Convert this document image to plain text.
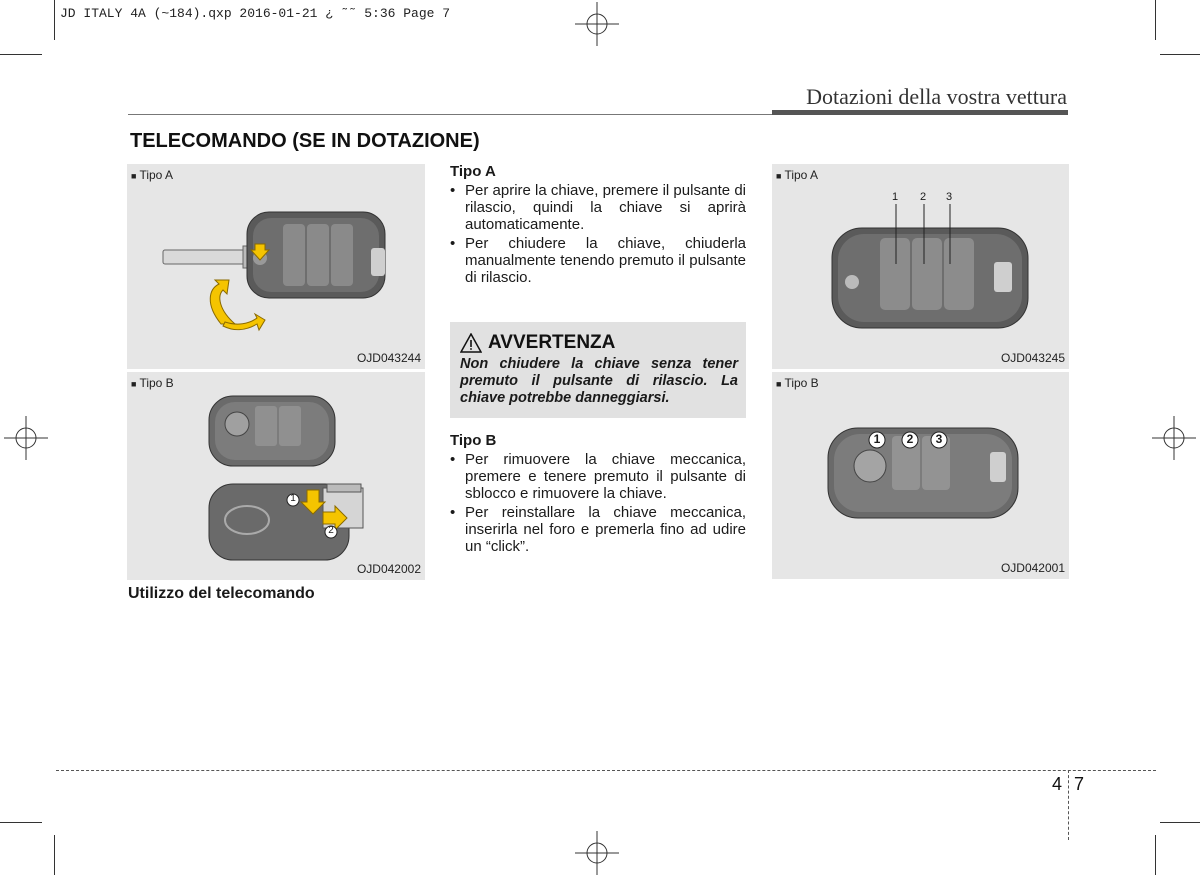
JD ITALY 4A (~184).qxp 2016-01-21 ¿ ˜˜ 5:36 Page 7
Dotazioni della vostra vettura
TELECOMANDO (SE IN DOTAZIONE)
■ Tipo A
OJD043244
■ Tipo B
1
2
OJD042002
Tipo A
• Per aprire la chiave, premere il pulsante di rilascio, quindi la chiave si aprirà automaticamente.
• Per chiudere la chiave, chiuderla manualmente tenendo premuto il pulsante di rilascio.
AVVERTENZA
Non chiudere la chiave senza tener premuto il pulsante di rilascio. La chiave potrebbe danneggiarsi.
Tipo B
• Per rimuovere la chiave meccanica, premere e tenere premuto il pulsante di sblocco e rimuovere la chiave.
• Per reinstallare la chiave meccanica, inserirla nel foro e premerla fino ad udire un “click”.
■ Tipo A
1 2 3
OJD043245
■ Tipo B
1 2 3
OJD042001
Utilizzo del telecomando
4 7
